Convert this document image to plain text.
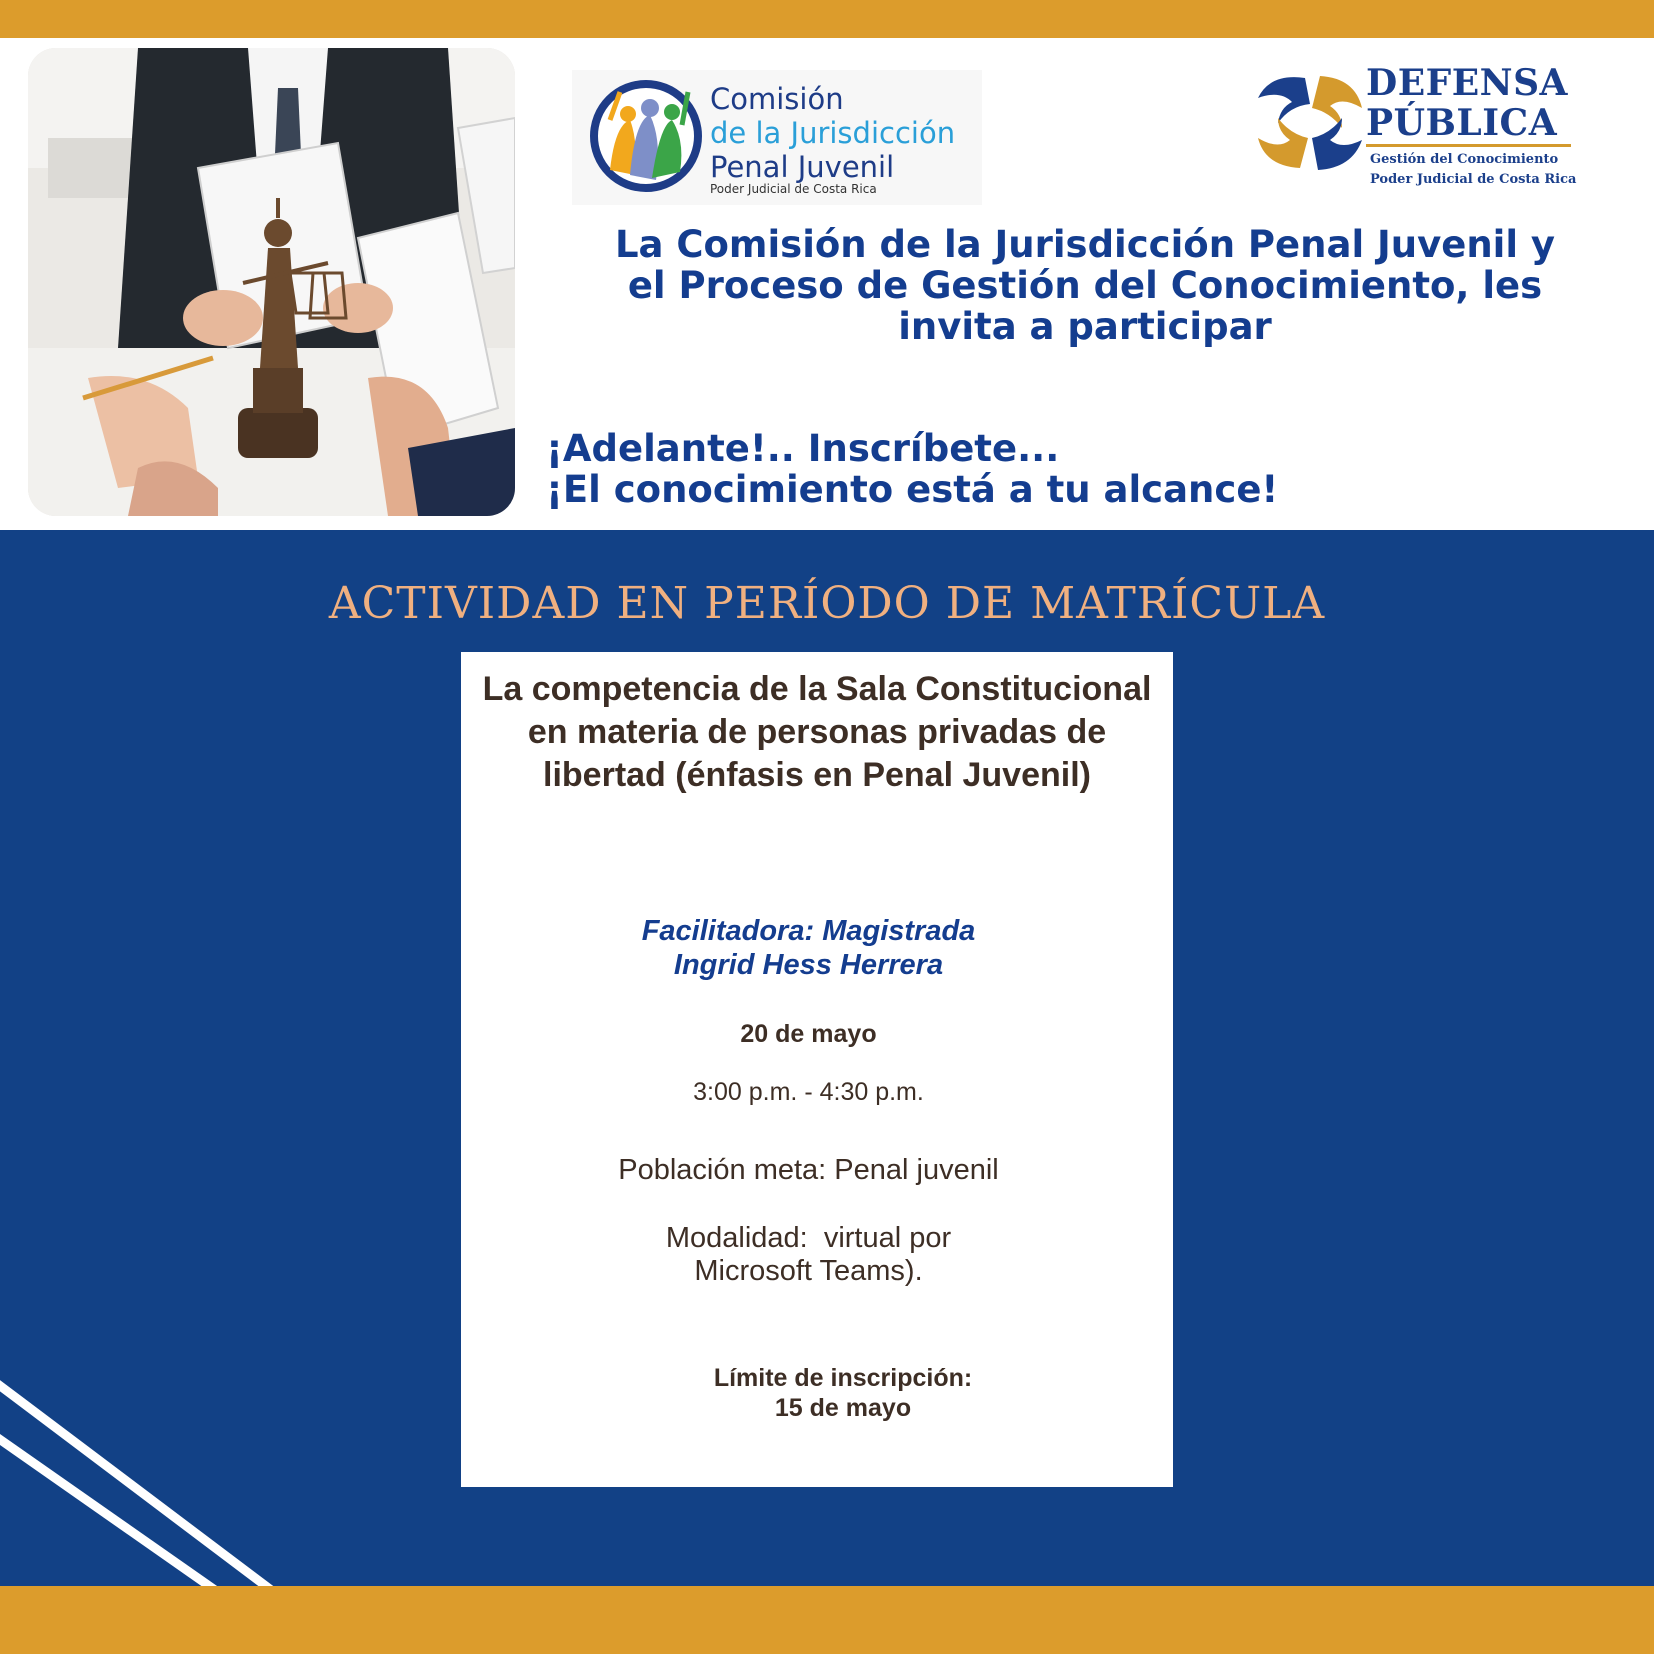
Comisión
de la Jurisdicción
Penal Juvenil
Poder Judicial de Costa Rica
DEFENSA
PÚBLICA
Gestión del Conocimiento
Poder Judicial de Costa Rica

La Comisión de la Jurisdicción Penal Juvenil y el Proceso de Gestión del Conocimiento, les invita a participar

¡Adelante!.. Inscríbete...
¡El conocimiento está a tu alcance!
ACTIVIDAD EN PERÍODO DE MATRÍCULA

La competencia de la Sala Constitucional en materia de personas privadas de libertad (énfasis en Penal Juvenil)

Facilitadora: Magistrada
Ingrid Hess Herrera
20 de mayo
3:00 p.m. - 4:30 p.m.
Población meta: Penal juvenil
Modalidad:  virtual por
Microsoft Teams).
Límite de inscripción:
15 de mayo
